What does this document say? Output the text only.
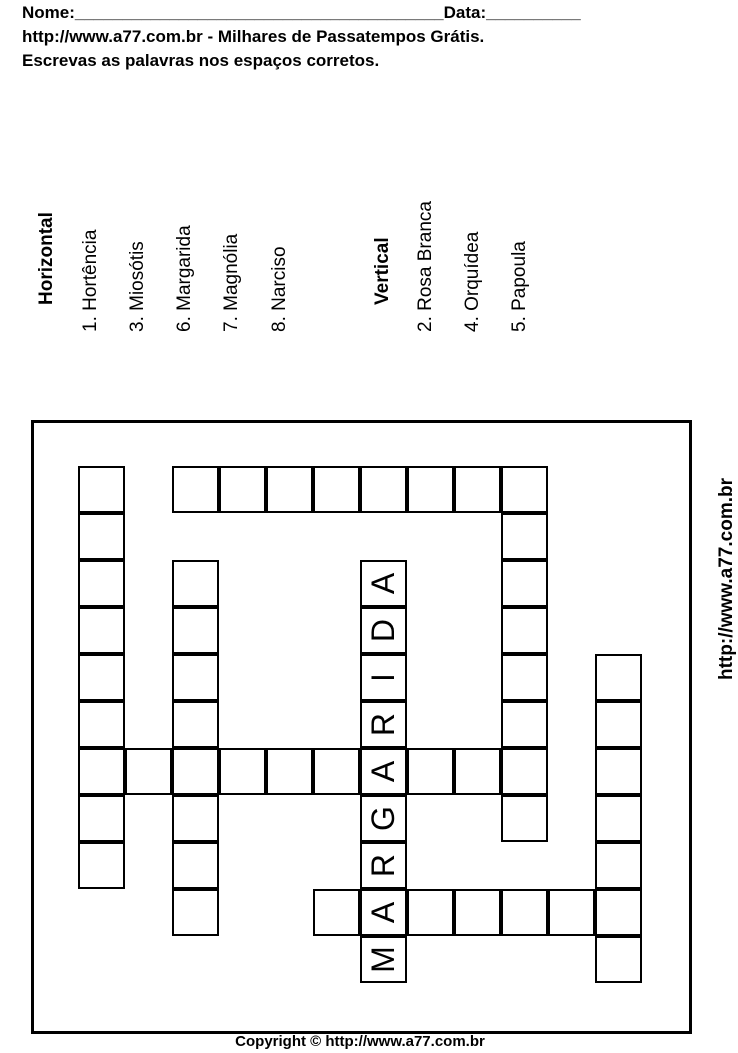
Nome:_______________________________________Data:__________
http://www.a77.com.br - Milhares de Passatempos Grátis.
Escrevas as palavras nos espaços corretos.
Horizontal 1. Hortência 3. Miosótis 6. Margarida 7. Magnólia 8. Narciso	Vertical 2. Rosa Branca 4. Orquídea 5. Papoula
M
A
R
G
A
R
I
D
A	http://www.a77.com.br
Copyright © http://www.a77.com.br
